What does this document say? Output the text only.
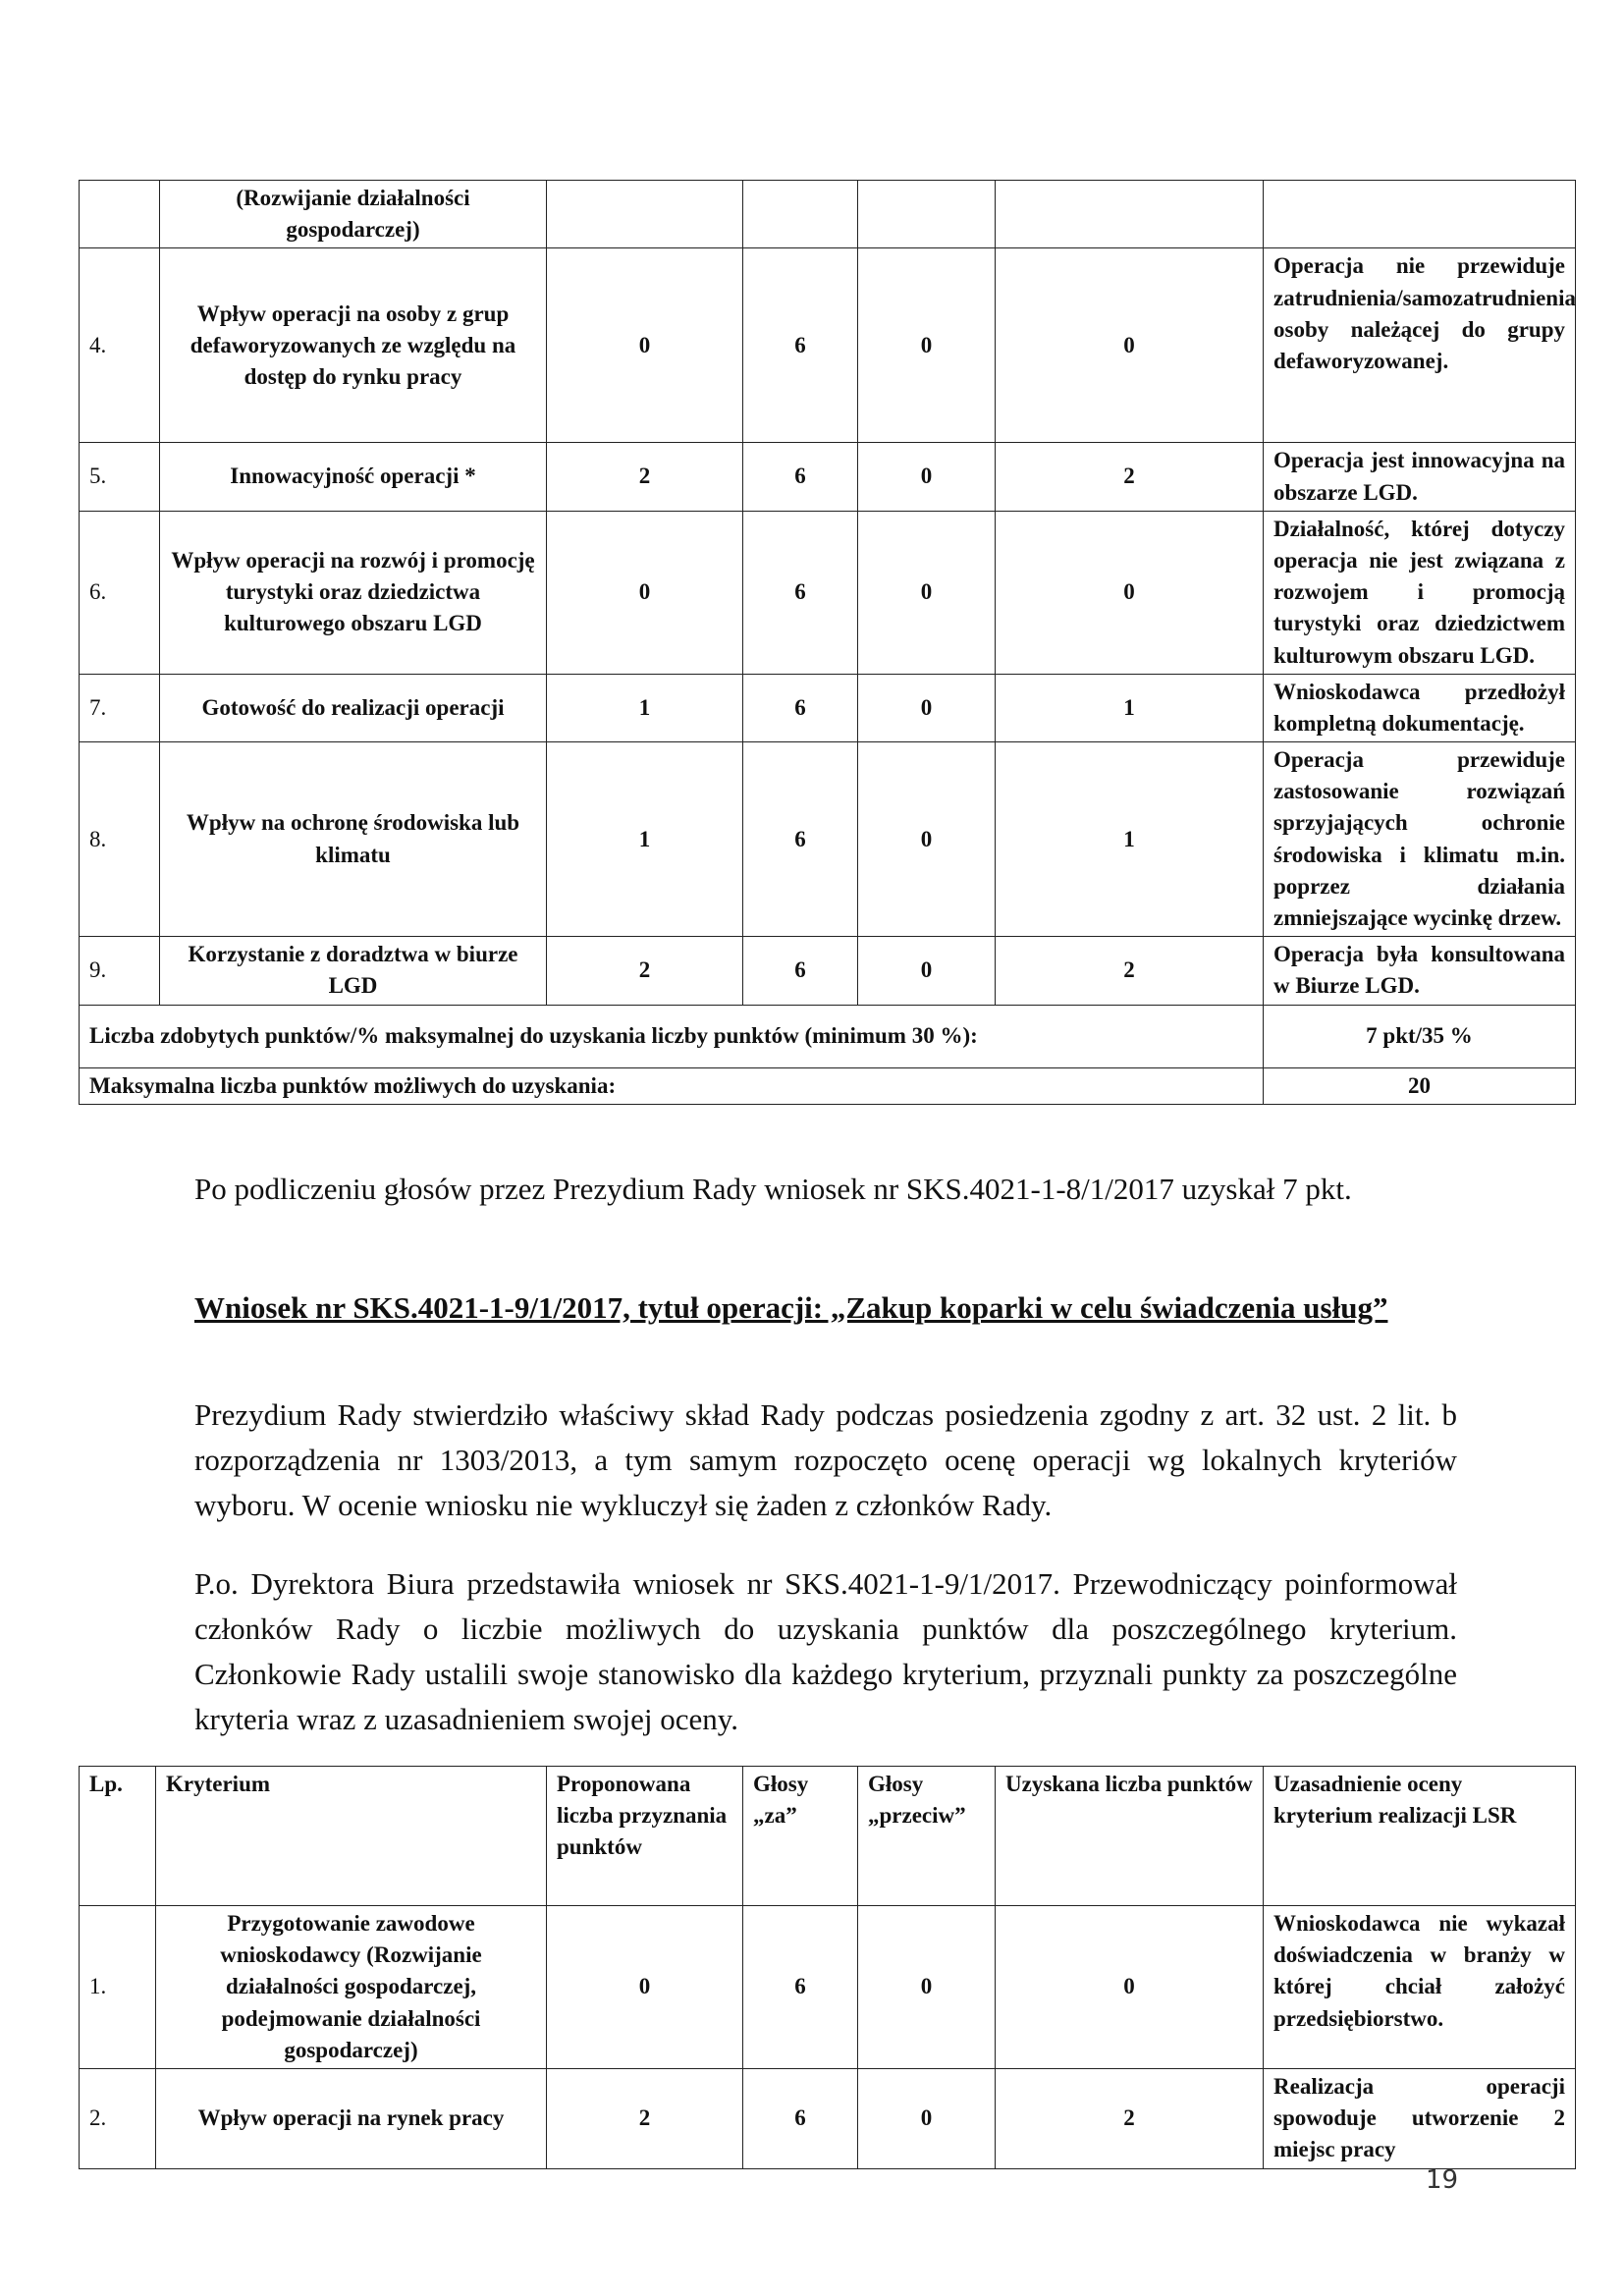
	(Rozwijanie działalności gospodarczej)					
4.	Wpływ operacji na osoby z grup defaworyzowanych ze względu na dostęp do rynku pracy	0	6	0	0	Operacja nie przewiduje zatrudnienia/samozatrudnienia osoby należącej do grupy defaworyzowanej.
5.	Innowacyjność operacji *	2	6	0	2	Operacja jest innowacyjna na obszarze LGD.
6.	Wpływ operacji na rozwój i promocję turystyki oraz dziedzictwa kulturowego obszaru LGD	0	6	0	0	Działalność, której dotyczy operacja nie jest związana z rozwojem i promocją turystyki oraz dziedzictwem kulturowym obszaru LGD.
7.	Gotowość do realizacji operacji	1	6	0	1	Wnioskodawca przedłożył kompletną dokumentację.
8.	Wpływ na ochronę środowiska lub klimatu	1	6	0	1	Operacja przewiduje zastosowanie rozwiązań sprzyjających ochronie środowiska i klimatu m.in. poprzez działania zmniejszające wycinkę drzew.
9.	Korzystanie z doradztwa w biurze LGD	2	6	0	2	Operacja była konsultowana w Biurze LGD.
Liczba zdobytych punktów/% maksymalnej do uzyskania liczby punktów (minimum 30 %):						7 pkt/35 %
Maksymalna liczba punktów możliwych do uzyskania:						20

Po podliczeniu głosów przez Prezydium Rady wniosek nr SKS.4021-1-8/1/2017 uzyskał 7 pkt.

Wniosek nr SKS.4021-1-9/1/2017, tytuł operacji: „Zakup koparki w celu świadczenia usług”

Prezydium Rady stwierdziło właściwy skład Rady podczas posiedzenia zgodny z art. 32 ust. 2 lit. b rozporządzenia nr 1303/2013, a tym samym rozpoczęto ocenę operacji wg lokalnych kryteriów wyboru. W ocenie wniosku nie wykluczył się żaden z członków Rady.

P.o. Dyrektora Biura przedstawiła wniosek nr SKS.4021-1-9/1/2017. Przewodniczący poinformował członków Rady o liczbie możliwych do uzyskania punktów dla poszczególnego kryterium. Członkowie Rady ustalili swoje stanowisko dla każdego kryterium, przyznali punkty za poszczególne kryteria wraz z uzasadnieniem swojej oceny.

Lp.	Kryterium	Proponowana liczba przyznania punktów	Głosy „za”	Głosy „przeciw”	Uzyskana liczba punktów	Uzasadnienie oceny kryterium realizacji LSR
1.	Przygotowanie zawodowe wnioskodawcy (Rozwijanie działalności gospodarczej, podejmowanie działalności gospodarczej)	0	6	0	0	Wnioskodawca nie wykazał doświadczenia w branży w której chciał założyć przedsiębiorstwo.
2.	Wpływ operacji na rynek pracy	2	6	0	2	Realizacja operacji spowoduje utworzenie 2 miejsc pracy
19
